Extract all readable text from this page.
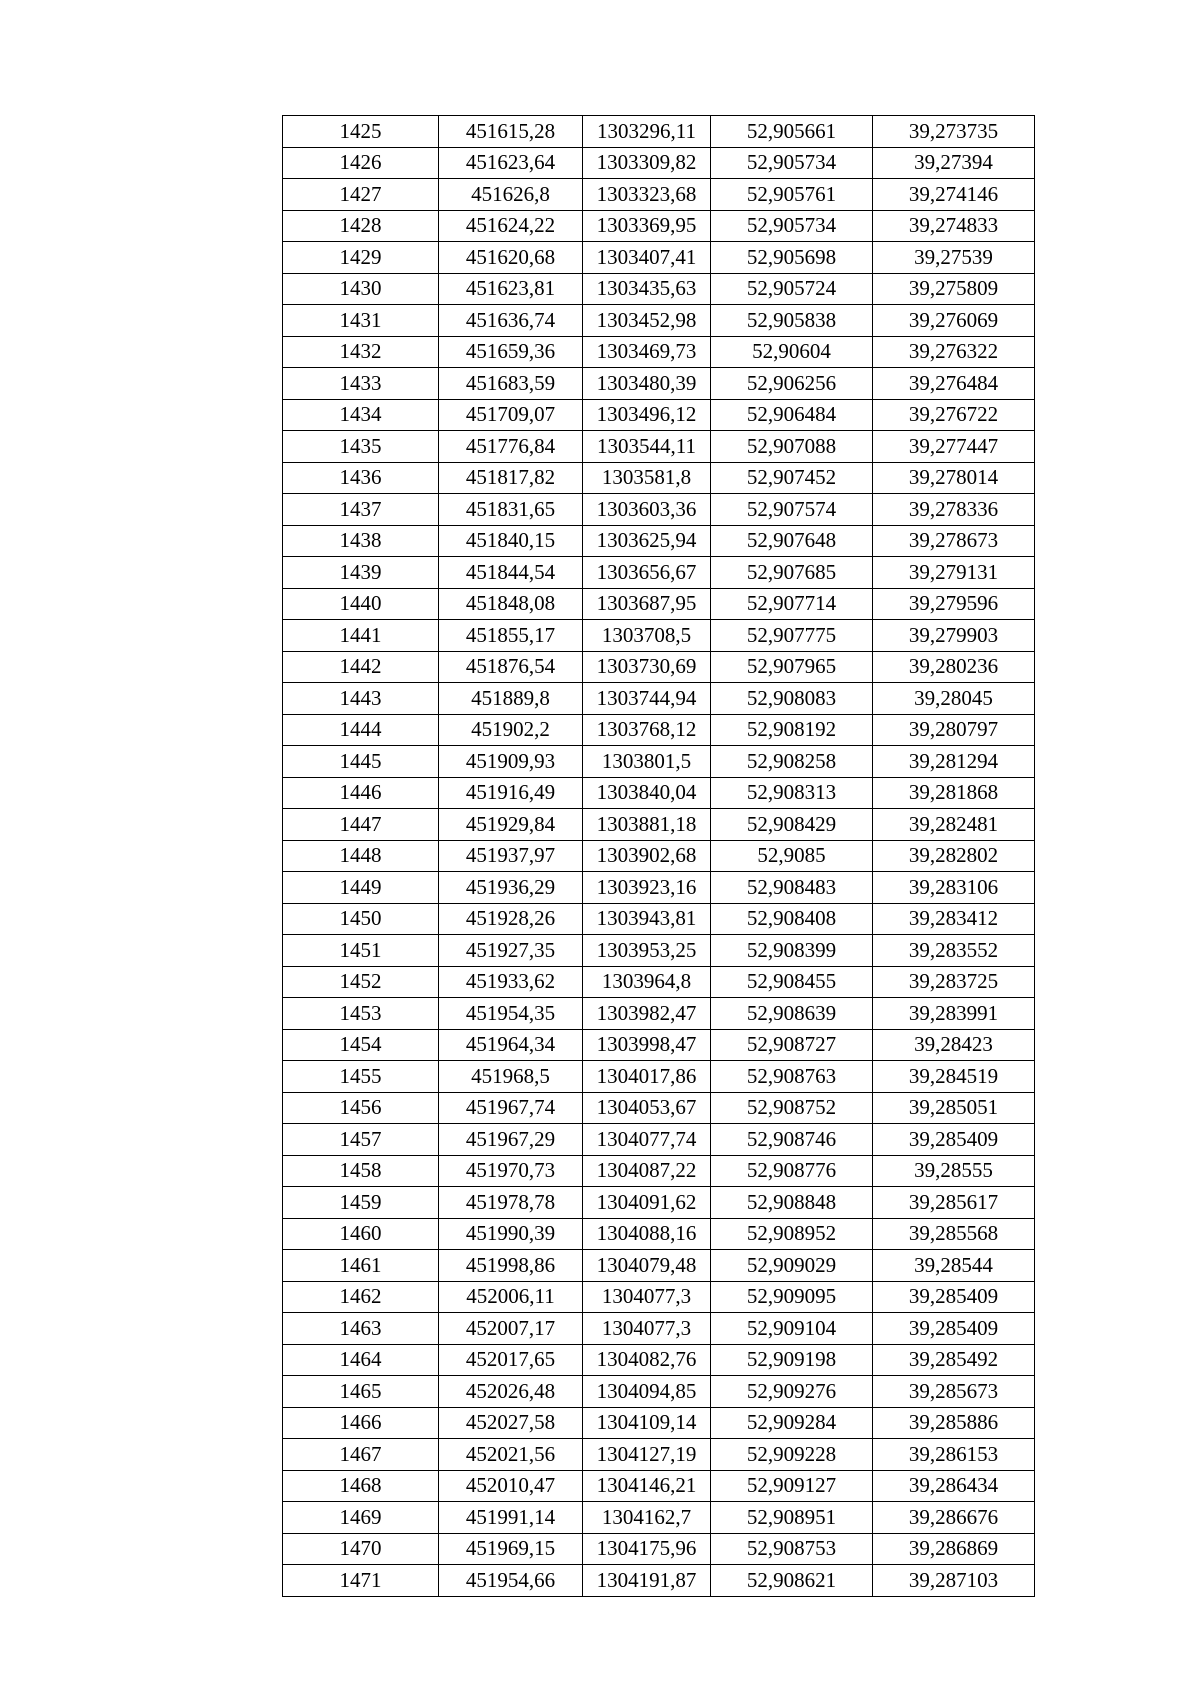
1425	451615,28	1303296,11	52,905661	39,273735
1426	451623,64	1303309,82	52,905734	39,27394
1427	451626,8	1303323,68	52,905761	39,274146
1428	451624,22	1303369,95	52,905734	39,274833
1429	451620,68	1303407,41	52,905698	39,27539
1430	451623,81	1303435,63	52,905724	39,275809
1431	451636,74	1303452,98	52,905838	39,276069
1432	451659,36	1303469,73	52,90604	39,276322
1433	451683,59	1303480,39	52,906256	39,276484
1434	451709,07	1303496,12	52,906484	39,276722
1435	451776,84	1303544,11	52,907088	39,277447
1436	451817,82	1303581,8	52,907452	39,278014
1437	451831,65	1303603,36	52,907574	39,278336
1438	451840,15	1303625,94	52,907648	39,278673
1439	451844,54	1303656,67	52,907685	39,279131
1440	451848,08	1303687,95	52,907714	39,279596
1441	451855,17	1303708,5	52,907775	39,279903
1442	451876,54	1303730,69	52,907965	39,280236
1443	451889,8	1303744,94	52,908083	39,28045
1444	451902,2	1303768,12	52,908192	39,280797
1445	451909,93	1303801,5	52,908258	39,281294
1446	451916,49	1303840,04	52,908313	39,281868
1447	451929,84	1303881,18	52,908429	39,282481
1448	451937,97	1303902,68	52,9085	39,282802
1449	451936,29	1303923,16	52,908483	39,283106
1450	451928,26	1303943,81	52,908408	39,283412
1451	451927,35	1303953,25	52,908399	39,283552
1452	451933,62	1303964,8	52,908455	39,283725
1453	451954,35	1303982,47	52,908639	39,283991
1454	451964,34	1303998,47	52,908727	39,28423
1455	451968,5	1304017,86	52,908763	39,284519
1456	451967,74	1304053,67	52,908752	39,285051
1457	451967,29	1304077,74	52,908746	39,285409
1458	451970,73	1304087,22	52,908776	39,28555
1459	451978,78	1304091,62	52,908848	39,285617
1460	451990,39	1304088,16	52,908952	39,285568
1461	451998,86	1304079,48	52,909029	39,28544
1462	452006,11	1304077,3	52,909095	39,285409
1463	452007,17	1304077,3	52,909104	39,285409
1464	452017,65	1304082,76	52,909198	39,285492
1465	452026,48	1304094,85	52,909276	39,285673
1466	452027,58	1304109,14	52,909284	39,285886
1467	452021,56	1304127,19	52,909228	39,286153
1468	452010,47	1304146,21	52,909127	39,286434
1469	451991,14	1304162,7	52,908951	39,286676
1470	451969,15	1304175,96	52,908753	39,286869
1471	451954,66	1304191,87	52,908621	39,287103
